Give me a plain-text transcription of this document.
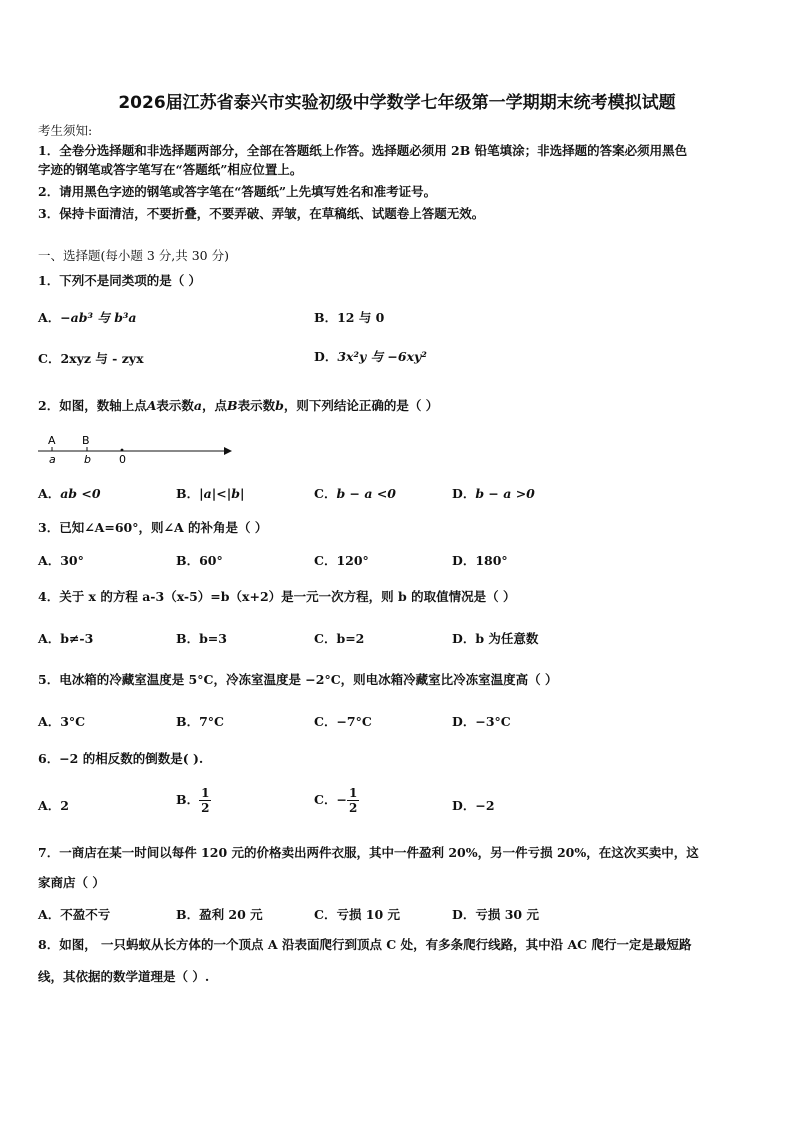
2026届江苏省泰兴市实验初级中学数学七年级第一学期期末统考模拟试题
考生须知:
1．全卷分选择题和非选择题两部分，全部在答题纸上作答。选择题必须用 2B 铅笔填涂；非选择题的答案必须用黑色
字迹的钢笔或答字笔写在“答题纸”相应位置上。
2．请用黑色字迹的钢笔或答字笔在“答题纸”上先填写姓名和准考证号。
3．保持卡面清洁，不要折叠，不要弄破、弄皱，在草稿纸、试题卷上答题无效。
一、选择题(每小题 3 分,共 30 分)
1．下列不是同类项的是（ ）
A．−ab³ 与 b³a	B．12 与 0
C．2xyz 与 - zyx	D．3x²y 与 −6xy²
2．如图，数轴上点A表示数a，点B表示数b，则下列结论正确的是（ ）
A B
a	b	0
A．ab <0	B．|a|<|b|	C．b − a <0	D．b − a >0
3．已知∠A=60°，则∠A 的补角是（ ）
A．30°	B．60°	C．120°	D．180°
4．关于 x 的方程 a-3（x-5）=b（x+2）是一元一次方程，则 b 的取值情况是（ ）
A．b≠-3	B．b=3	C．b=2	D．b 为任意数
5．电冰箱的冷藏室温度是 5°C，冷冻室温度是 −2°C，则电冰箱冷藏室比冷冻室温度高（ ）
A．3°C	B．7°C	C．−7°C	D．−3°C
6．−2 的相反数的倒数是( ).
A．2	B． $\frac{1}{2}$	C．− $\frac{1}{2}$	D．−2
7．一商店在某一时间以每件 120 元的价格卖出两件衣服，其中一件盈利 20%，另一件亏损 20%，在这次买卖中，这
家商店（ ）
A．不盈不亏	B．盈利 20 元	C．亏损 10 元	D．亏损 30 元
8．如图， 一只蚂蚁从长方体的一个顶点 A 沿表面爬行到顶点 C 处，有多条爬行线路，其中沿 AC 爬行一定是最短路
线，其依据的数学道理是（ ）.
